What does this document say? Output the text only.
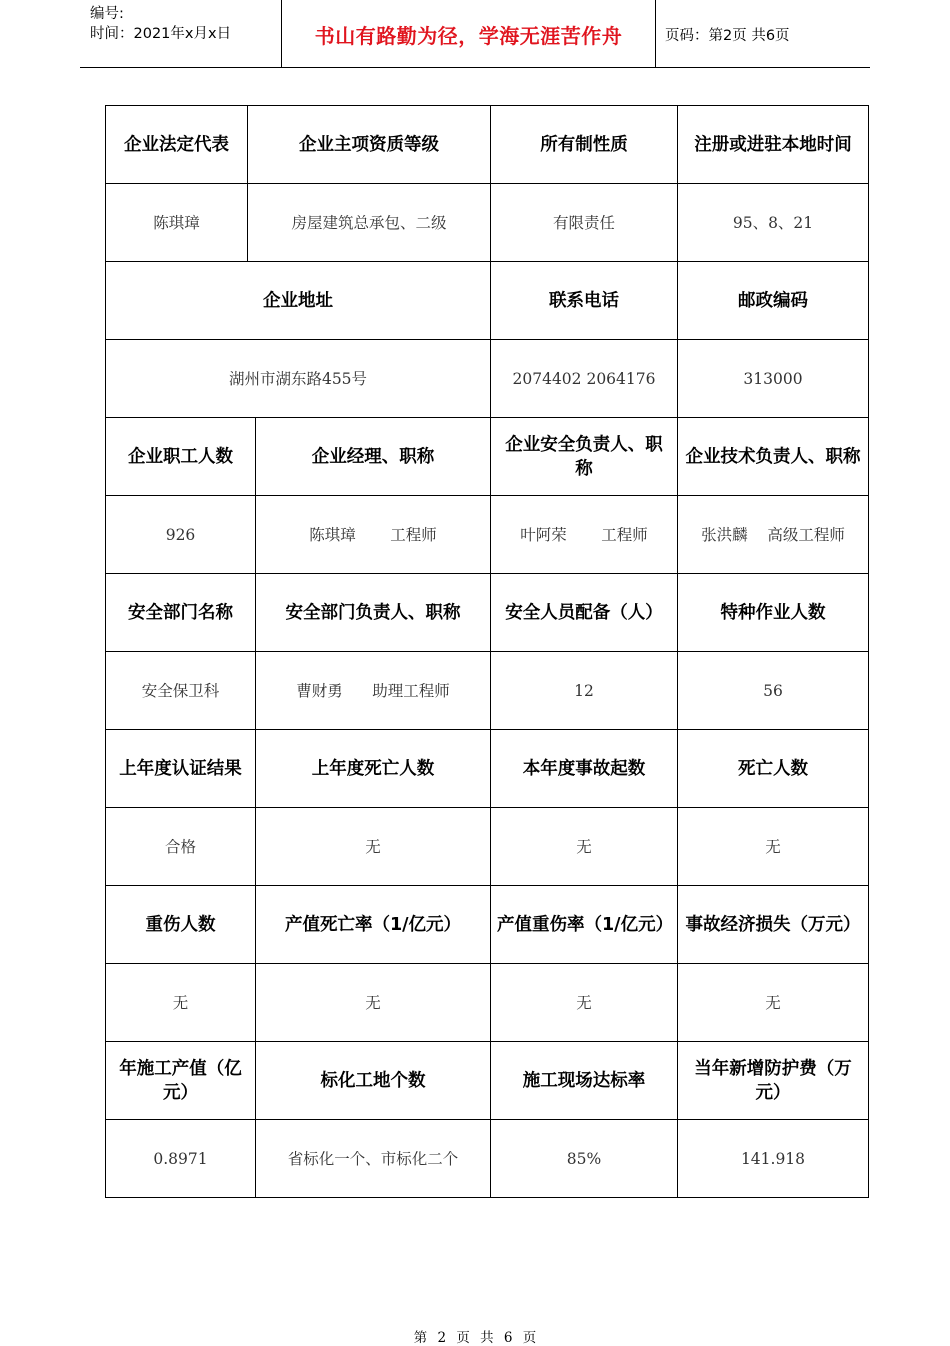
编号:
时间：2021年x月x日	书山有路勤为径，学海无涯苦作舟	页码：第2页 共6页
企业法定代表	企业主项资质等级		所有制性质	注册或进驻本地时间
陈琪璋	房屋建筑总承包、二级		有限责任	95、8、21
企业地址			联系电话	邮政编码
湖州市湖东路455号			2074402 2064176	313000
企业职工人数		企业经理、职称	企业安全负责人、职称	企业技术负责人、职称
926		陈琪璋       工程师	叶阿荣       工程师	张洪麟    高级工程师
安全部门名称		安全部门负责人、职称	安全人员配备（人）	特种作业人数
安全保卫科		曹财勇      助理工程师	12	56
上年度认证结果		上年度死亡人数	本年度事故起数	死亡人数
合格		无	无	无
重伤人数		产值死亡率（1/亿元）	产值重伤率（1/亿元）	事故经济损失（万元）
无		无	无	无
年施工产值（亿元）		标化工地个数	施工现场达标率	当年新增防护费（万元）
0.8971		省标化一个、市标化二个	85%	141.918
第 2 页 共 6 页
